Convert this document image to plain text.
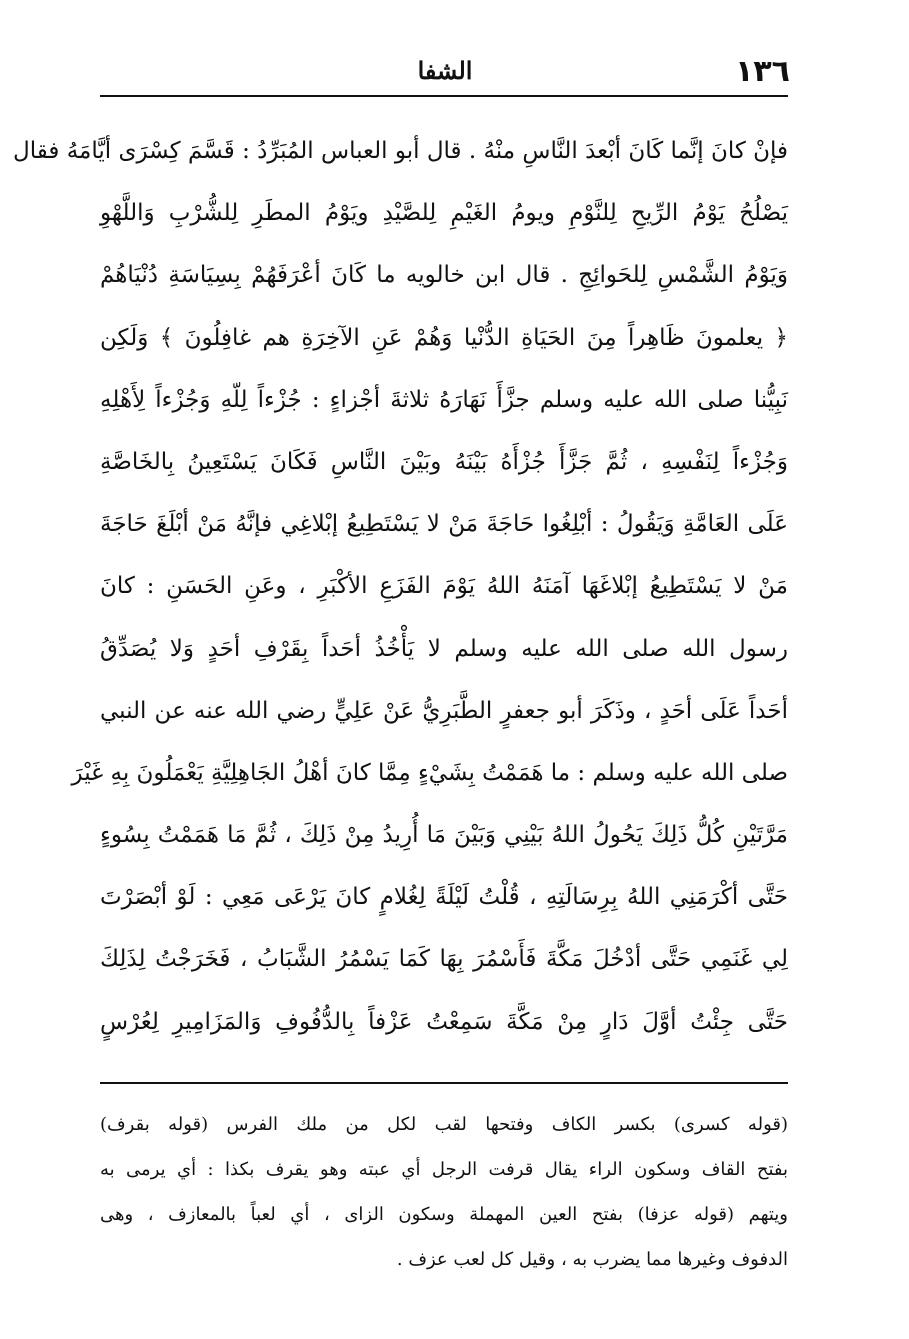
١٣٦
الشفا
فإنْ كانَ إنَّما كَانَ أبْعدَ النَّاسِ منْهُ . قال أبو العباس المُبَرِّدُ : قَسَّمَ كِسْرَى أيَّامَهُ فقال
يَصْلُحُ يَوْمُ الرِّيحِ لِلنَّوْمِ ويومُ الغَيْمِ لِلصَّيْدِ ويَوْمُ المطَرِ لِلشُّرْبِ وَاللَّهْوِ
وَيَوْمُ الشَّمْسِ لِلحَوائِجِ . قال ابن خالويه ما كَانَ أعْرَفَهُمْ بِسِيَاسَةِ دُنْيَاهُمْ
﴿ يعلمونَ ظَاهِراً مِنَ الحَيَاةِ الدُّنْيا وَهُمْ عَنِ الآخِرَةِ هم غافِلُونَ ﴾ وَلَكِن
نَبِيُّنا صلى الله عليه وسلم جزَّأَ نَهَارَهُ ثلاثةَ أجْزاءٍ : جُزْءاً لِلّهِ وَجُزْءاً لِأَهْلِهِ
وَجُزْءاً لِنَفْسِهِ ، ثُمَّ جَزَّأَ جُزْأَهُ بَيْنَهُ وبَيْنَ النَّاسِ فَكَانَ يَسْتَعِينُ بِالخَاصَّةِ
عَلَى العَامَّةِ وَيَقُولُ : أبْلِغُوا حَاجَةَ مَنْ لا يَسْتَطِيعُ إبْلاغِي فإنَّهُ مَنْ أبْلَغَ حَاجَةَ
مَنْ لا يَسْتَطِيعُ إبْلاغَهَا آمَنَهُ اللهُ يَوْمَ الفَزَعِ الأكْبَرِ ، وعَنِ الحَسَنِ : كانَ
رسول الله صلى الله عليه وسلم لا يَأْخُذُ أحَداً بِقَرْفِ أحَدٍ وَلا يُصَدِّقُ
أحَداً عَلَى أحَدٍ ، وذَكَرَ أبو جعفرٍ الطَّبَرِيُّ عَنْ عَلِيٍّ رضي الله عنه عن النبي
صلى الله عليه وسلم : ما هَمَمْتُ بِشَيْءٍ مِمَّا كانَ أهْلُ الجَاهِلِيَّةِ يَعْمَلُونَ بِهِ غَيْرَ
مَرَّتَيْنِ كُلُّ ذَلِكَ يَحُولُ اللهُ بَيْنِي وَبَيْنَ مَا أُرِيدُ مِنْ ذَلِكَ ، ثُمَّ مَا هَمَمْتُ بِسُوءٍ
حَتَّى أكْرَمَنِي اللهُ بِرِسَالَتِهِ ، قُلْتُ لَيْلَةً لِغُلامٍ كانَ يَرْعَى مَعِي : لَوْ أبْصَرْتَ
لِي غَنَمِي حَتَّى أدْخُلَ مَكَّةَ فَأَسْمُرَ بِهَا كَمَا يَسْمُرُ الشَّبَابُ ، فَخَرَجْتُ لِذَلِكَ
حَتَّى جِئْتُ أوَّلَ دَارٍ مِنْ مَكَّةَ سَمِعْتُ عَزْفاً بِالدُّفُوفِ وَالمَزَامِيرِ لِعُرْسٍ
(قوله كسرى) بكسر الكاف وفتحها لقب لكل من ملك الفرس (قوله بقرف)
بفتح القاف وسكون الراء يقال قرفت الرجل أي عبته وهو يقرف بكذا : أي يرمى به
ويتهم (قوله عزفا) بفتح العين المهملة وسكون الزاى ، أي لعباً بالمعازف ، وهى
الدفوف وغيرها مما يضرب به ، وقيل كل لعب عزف .
